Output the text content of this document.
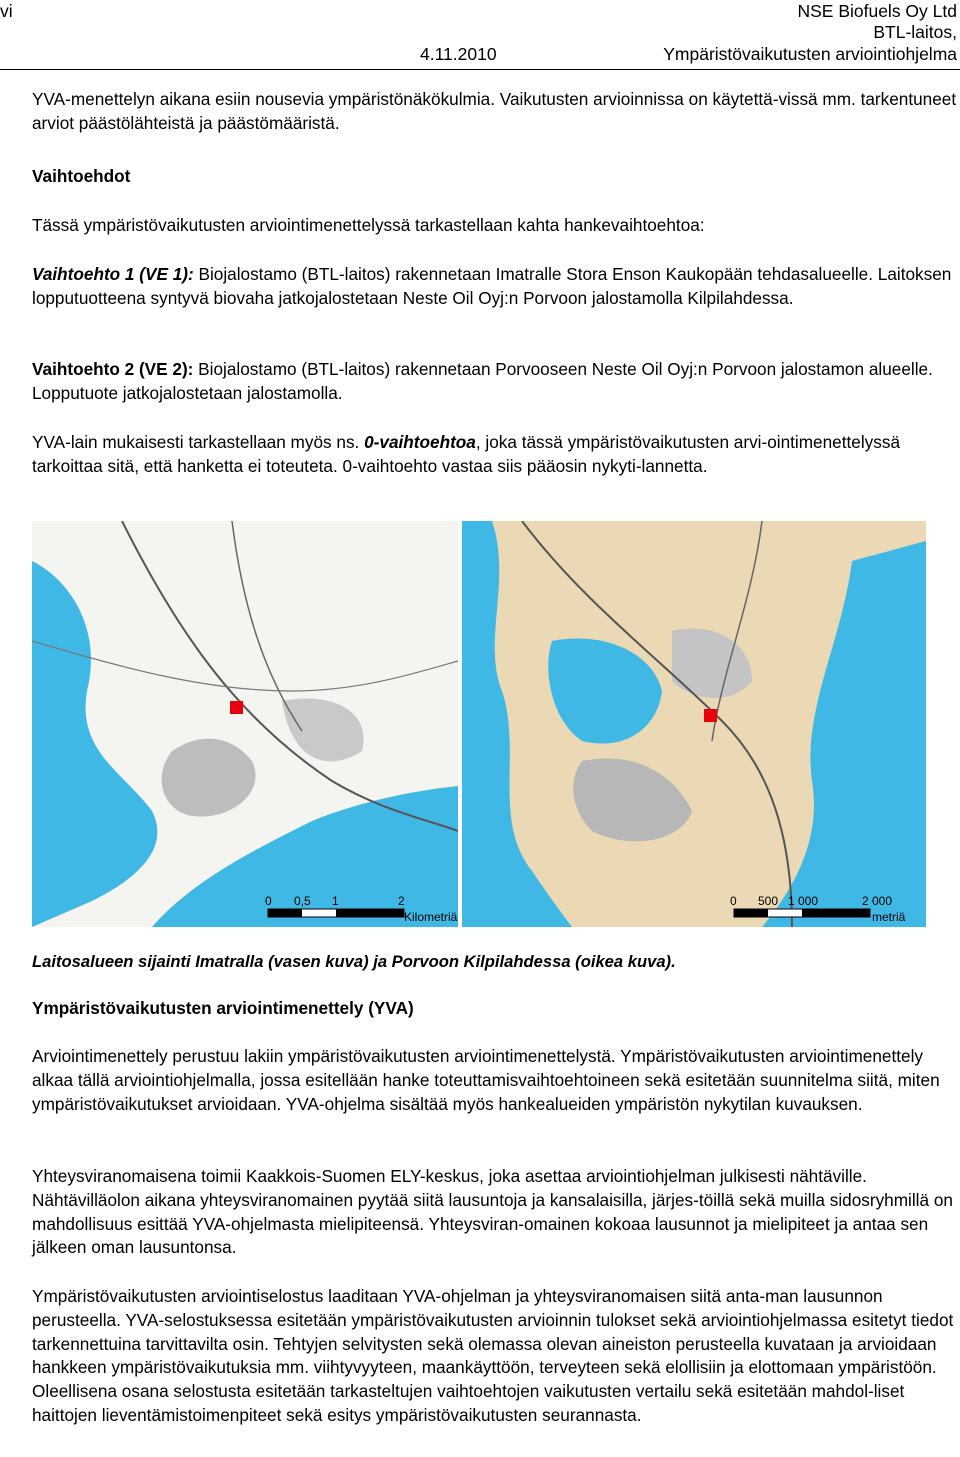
vi
4.11.2010
NSE Biofuels Oy Ltd
BTL-laitos,
Ympäristövaikutusten arviointiohjelma
YVA-menettelyn aikana esiin nousevia ympäristönäkökulmia. Vaikutusten arvioinnissa on käytettä-vissä mm. tarkentuneet arviot päästölähteistä ja päästömääristä.
Vaihtoehdot
Tässä ympäristövaikutusten arviointimenettelyssä tarkastellaan kahta hankevaihtoehtoa:
Vaihtoehto 1 (VE 1): Biojalostamo (BTL-laitos) rakennetaan Imatralle Stora Enson Kaukopään tehdasalueelle. Laitoksen lopputuotteena syntyvä biovaha jatkojalostetaan Neste Oil Oyj:n Porvoon jalostamolla Kilpilahdessa.
Vaihtoehto 2 (VE 2): Biojalostamo (BTL-laitos) rakennetaan Porvooseen Neste Oil Oyj:n Porvoon jalostamon alueelle. Lopputuote jatkojalostetaan jalostamolla.
YVA-lain mukaisesti tarkastellaan myös ns. 0-vaihtoehtoa, joka tässä ympäristövaikutusten arvi-ointimenettelyssä tarkoittaa sitä, että hanketta ei toteuteta. 0-vaihtoehto vastaa siis pääosin nykyti-lannetta.
0 0,5 1	2
Kilometriä
0 500 1 000	2 000
metriä
Laitosalueen sijainti Imatralla (vasen kuva) ja Porvoon Kilpilahdessa (oikea kuva).
Ympäristövaikutusten arviointimenettely (YVA)
Arviointimenettely perustuu lakiin ympäristövaikutusten arviointimenettelystä. Ympäristövaikutusten arviointimenettely alkaa tällä arviointiohjelmalla, jossa esitellään hanke toteuttamisvaihtoehtoineen sekä esitetään suunnitelma siitä, miten ympäristövaikutukset arvioidaan. YVA-ohjelma sisältää myös hankealueiden ympäristön nykytilan kuvauksen.
Yhteysviranomaisena toimii Kaakkois-Suomen ELY-keskus, joka asettaa arviointiohjelman julkisesti nähtäville. Nähtävilläolon aikana yhteysviranomainen pyytää siitä lausuntoja ja kansalaisilla, järjes-töillä sekä muilla sidosryhmillä on mahdollisuus esittää YVA-ohjelmasta mielipiteensä. Yhteysviran-omainen kokoaa lausunnot ja mielipiteet ja antaa sen jälkeen oman lausuntonsa.
Ympäristövaikutusten arviointiselostus laaditaan YVA-ohjelman ja yhteysviranomaisen siitä anta-man lausunnon perusteella. YVA-selostuksessa esitetään ympäristövaikutusten arvioinnin tulokset sekä arviointiohjelmassa esitetyt tiedot tarkennettuina tarvittavilta osin. Tehtyjen selvitysten sekä olemassa olevan aineiston perusteella kuvataan ja arvioidaan hankkeen ympäristövaikutuksia mm. viihtyvyyteen, maankäyttöön, terveyteen sekä elollisiin ja elottomaan ympäristöön. Oleellisena osana selostusta esitetään tarkasteltujen vaihtoehtojen vaikutusten vertailu sekä esitetään mahdol-liset haittojen lieventämistoimenpiteet sekä esitys ympäristövaikutusten seurannasta.
